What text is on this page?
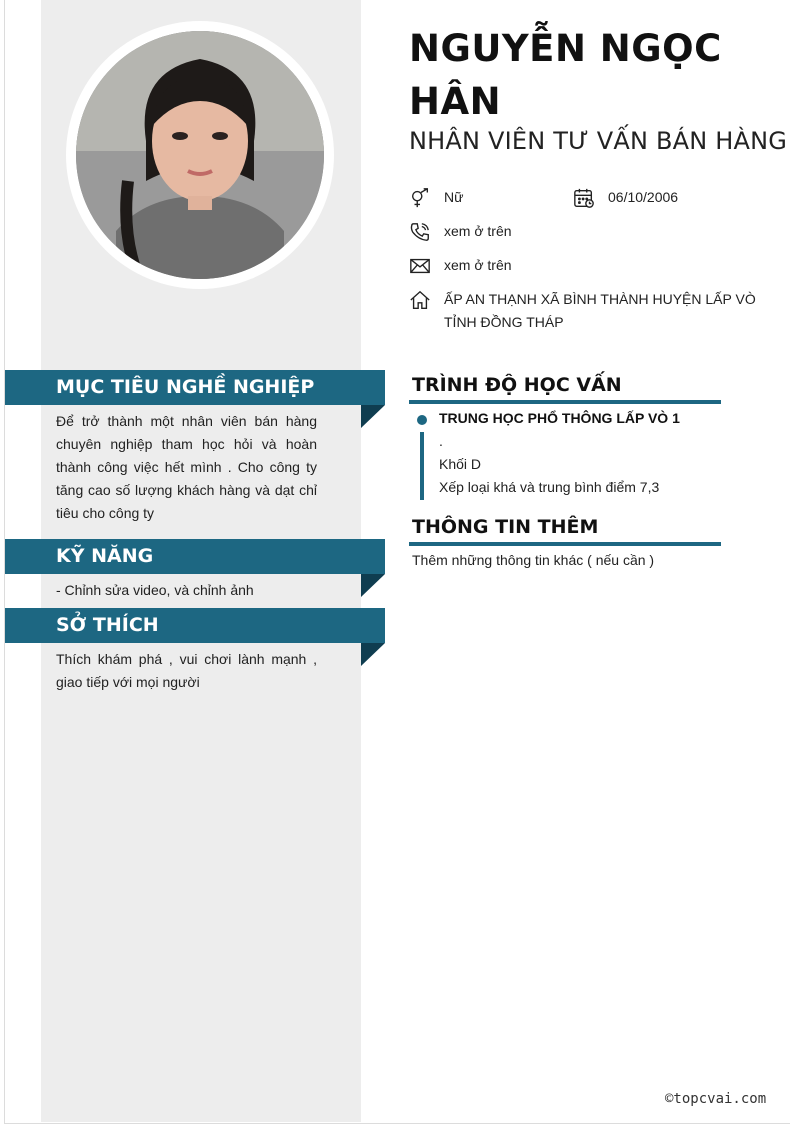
NGUYỄN NGỌC HÂN
NHÂN VIÊN TƯ VẤN BÁN HÀNG
Nữ	06/10/2006
xem ở trên
xem ở trên
ẤP AN THẠNH XÃ BÌNH THÀNH HUYỆN LẤP VÒ TỈNH ĐỒNG THÁP
MỤC TIÊU NGHỀ NGHIỆP
Để trở thành một nhân viên bán hàng chuyên nghiệp tham học hỏi và hoàn thành công việc hết mình . Cho công ty tăng cao số lượng khách hàng và dạt chỉ tiêu cho công ty
KỸ NĂNG
- Chỉnh sửa video, và chỉnh ảnh
SỞ THÍCH
Thích khám phá , vui chơi lành mạnh , giao tiếp với mọi người
TRÌNH ĐỘ HỌC VẤN
TRUNG HỌC PHỔ THÔNG LẤP VÒ 1
.
Khối D
Xếp loại khá và trung bình điểm 7,3
THÔNG TIN THÊM
Thêm những thông tin khác ( nếu cần )
©topcvai.com
